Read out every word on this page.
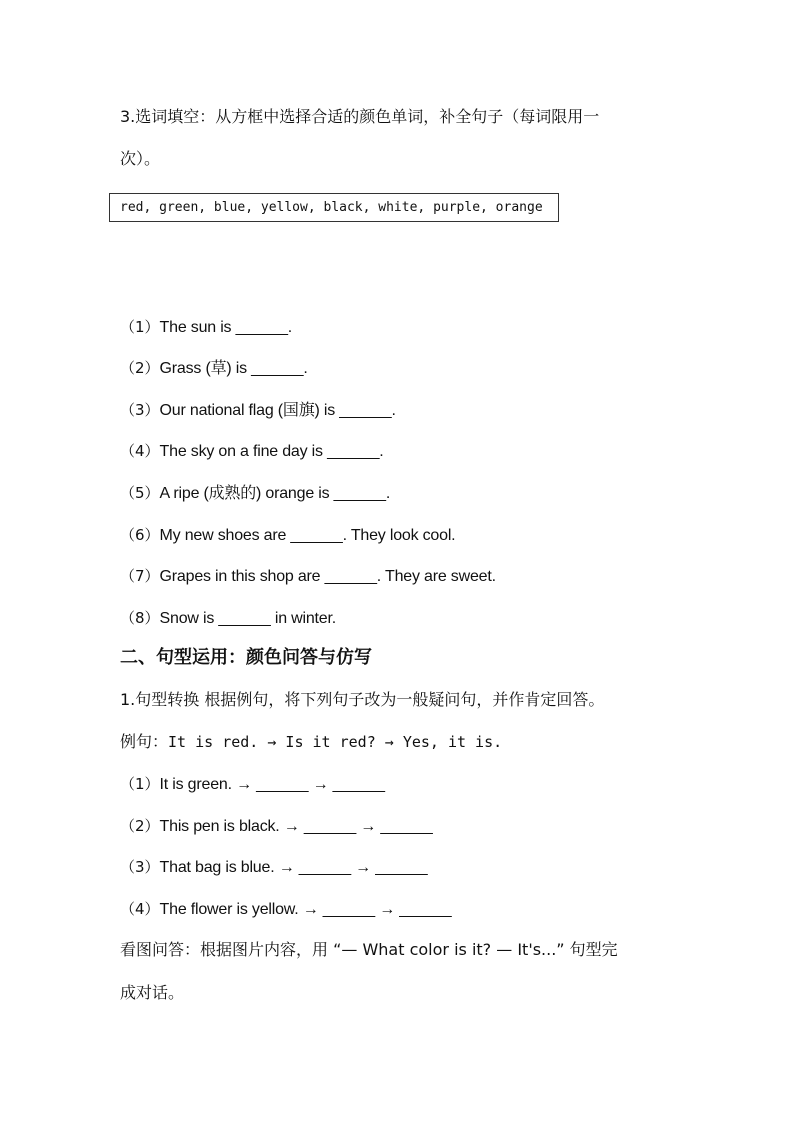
3.选词填空：从方框中选择合适的颜色单词，补全句子（每词限用一
次）。
red, green, blue, yellow, black, white, purple, orange
（1）The sun is ______.
（2）Grass (草) is ______.
（3）Our national flag (国旗) is ______.
（4）The sky on a fine day is ______.
（5）A ripe (成熟的) orange is ______.
（6）My new shoes are ______. They look cool.
（7）Grapes in this shop are ______. They are sweet.
（8）Snow is ______ in winter.
二、句型运用：颜色问答与仿写
1.句型转换 根据例句，将下列句子改为一般疑问句，并作肯定回答。
例句：It is red. → Is it red? → Yes, it is.
（1）It is green. → ______ → ______
（2）This pen is black. → ______ → ______
（3）That bag is blue. → ______ → ______
（4）The flower is yellow. → ______ → ______
看图问答：根据图片内容，用 “— What color is it? — It's...” 句型完
成对话。
